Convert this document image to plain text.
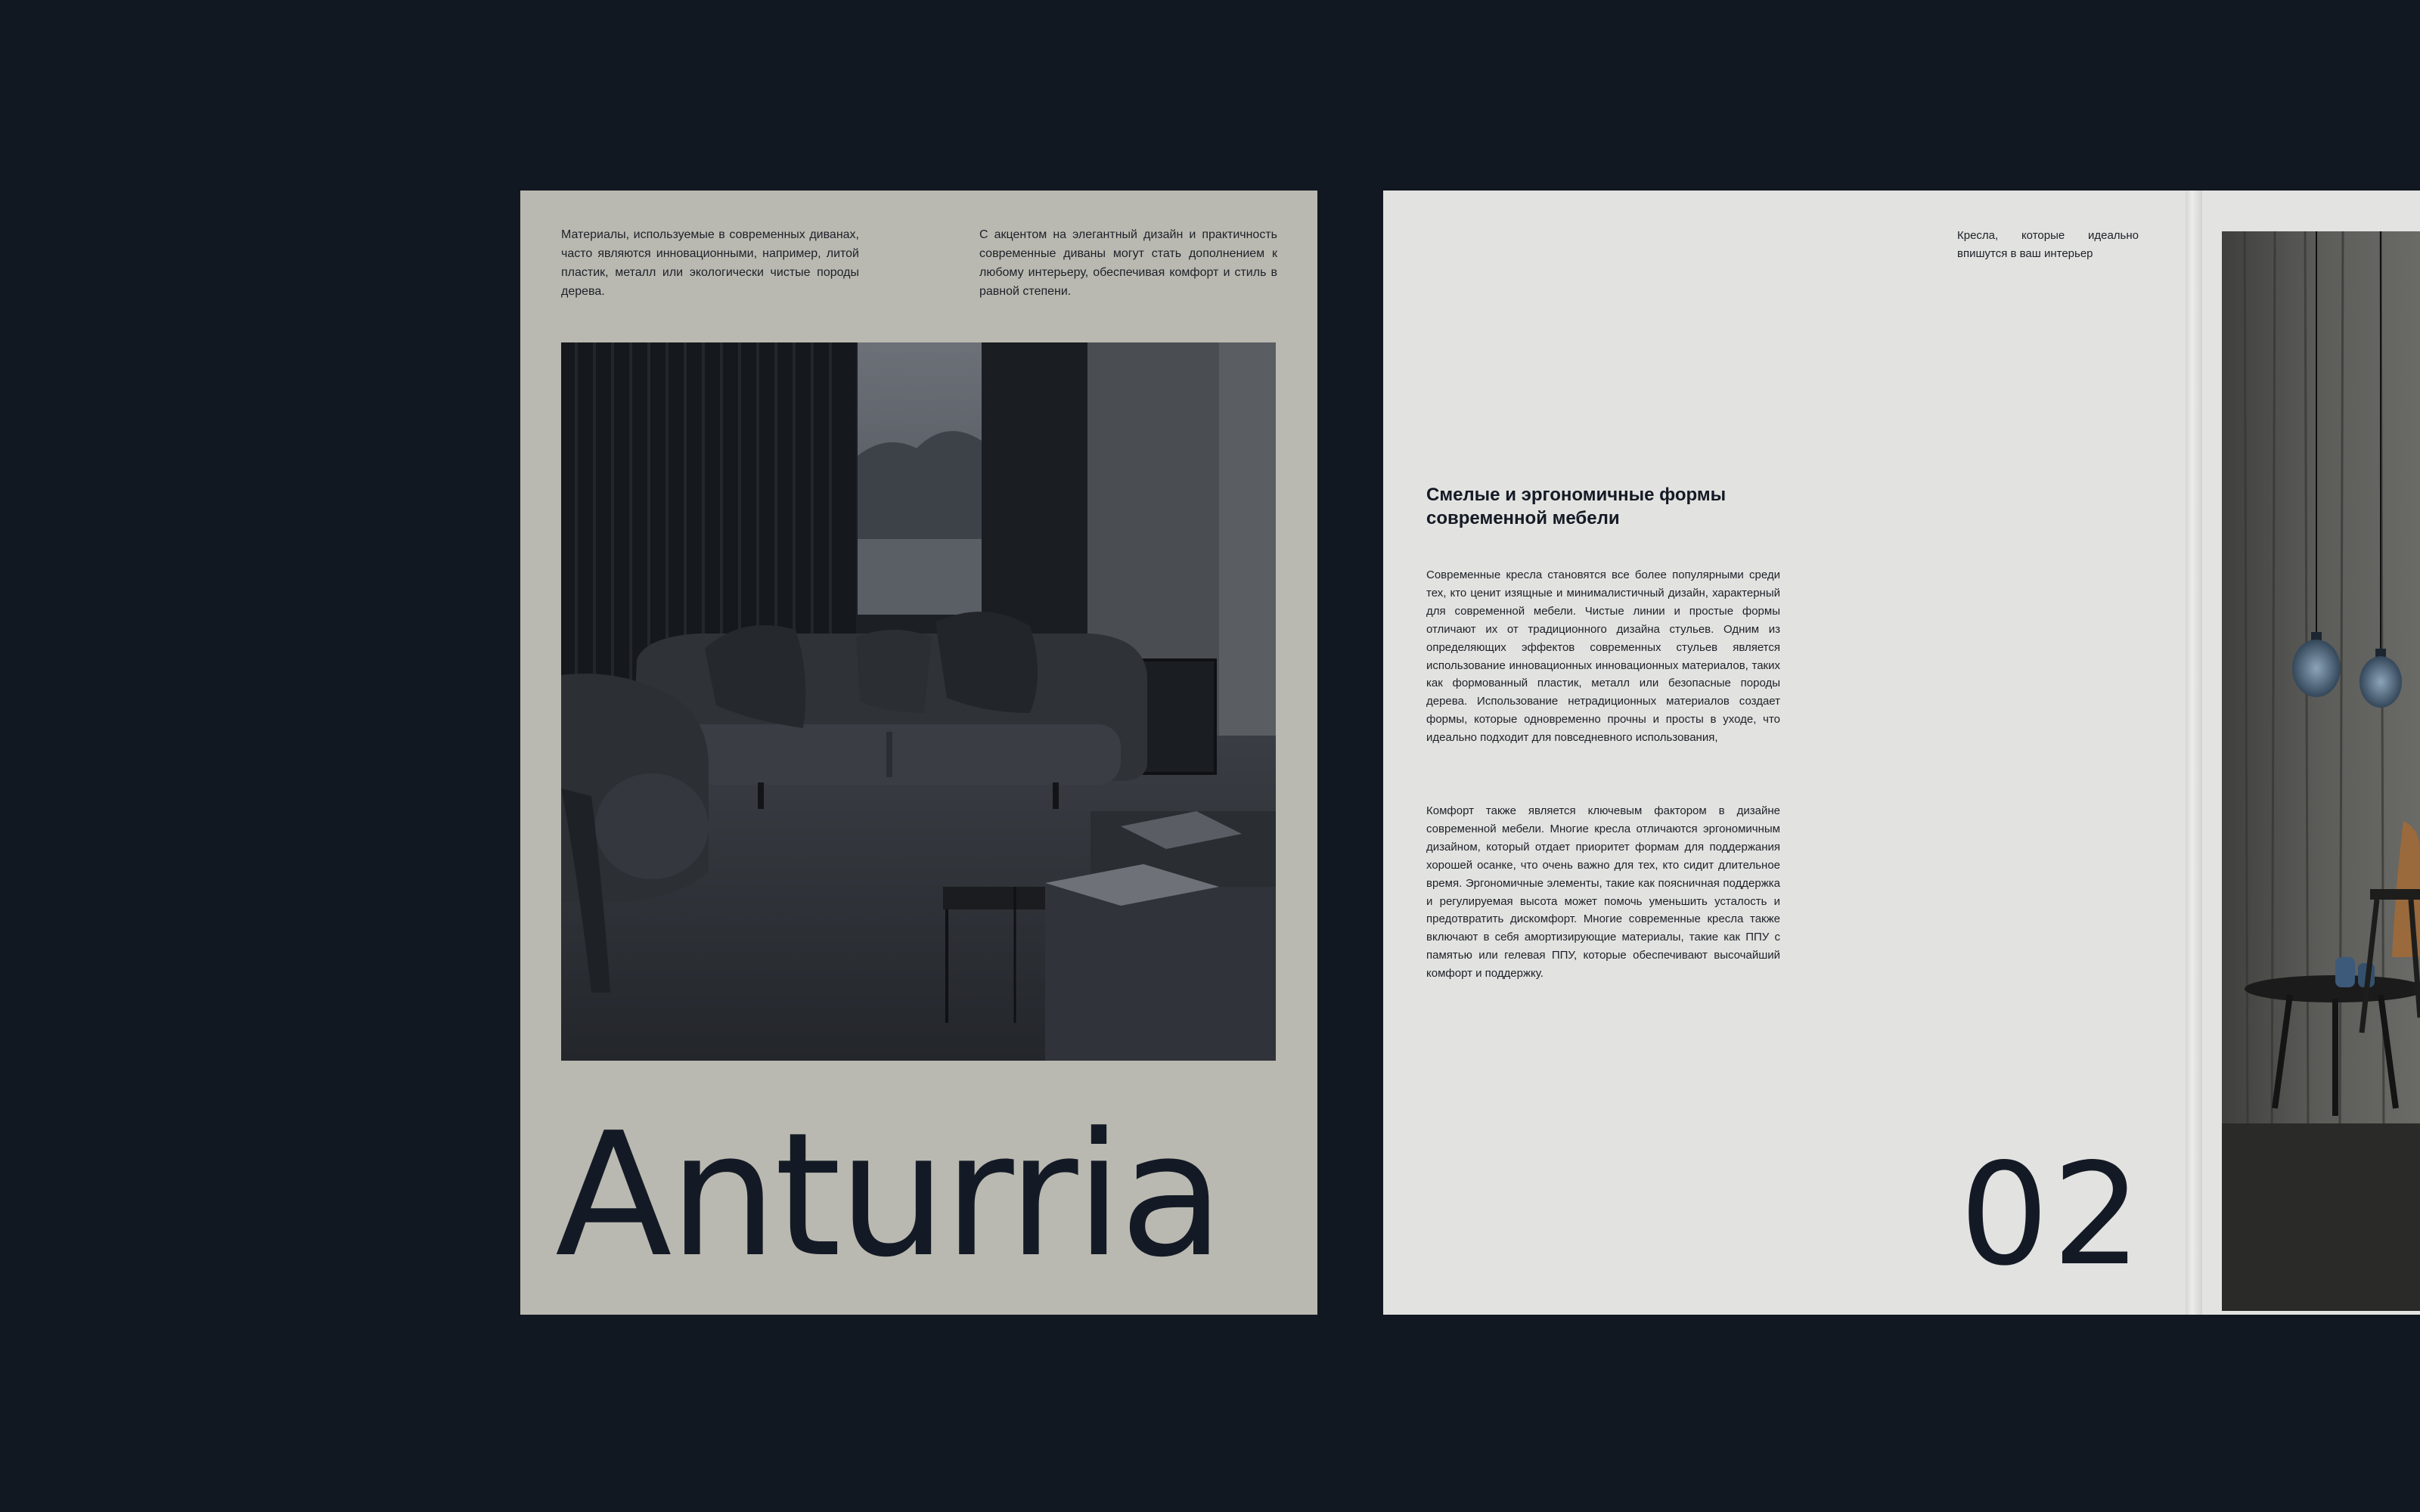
Материалы, используемые в современных диванах, часто являются инновационными, например, литой пластик, металл или экологически чистые породы дерева.
С акцентом на элегантный дизайн и практичность современные диваны могут стать дополнением к любому интерьеру, обеспечивая комфорт и стиль в равной степени.
Anturria
Кресла, которые идеально впишутся в ваш интерьер
Смелые и эргономичные формы современной мебели
Современные кресла становятся все более популярными среди тех, кто ценит изящные и минималистичный дизайн, характерный для современной мебели. Чистые линии и простые формы отличают их от традиционного дизайна стульев. Одним из определяющих эффектов современных стульев является использование инновационных инновационных материалов, таких как формованный пластик, металл или безопасные породы дерева. Использование нетрадиционных материалов создает формы, которые одновременно прочны и просты в уходе, что идеально подходит для повседневного использования,
Комфорт также является ключевым фактором в дизайне современной мебели. Многие кресла отличаются эргономичным дизайном, который отдает приоритет формам для поддержания хорошей осанке, что очень важно для тех, кто сидит длительное время. Эргономичные элементы, такие как поясничная поддержка и регулируемая высота может помочь уменьшить усталость и предотвратить дискомфорт. Многие современные кресла также включают в себя амортизирующие материалы, такие как ППУ с памятью или гелевая ППУ, которые обеспечивают высочайший комфорт и поддержку.
02
